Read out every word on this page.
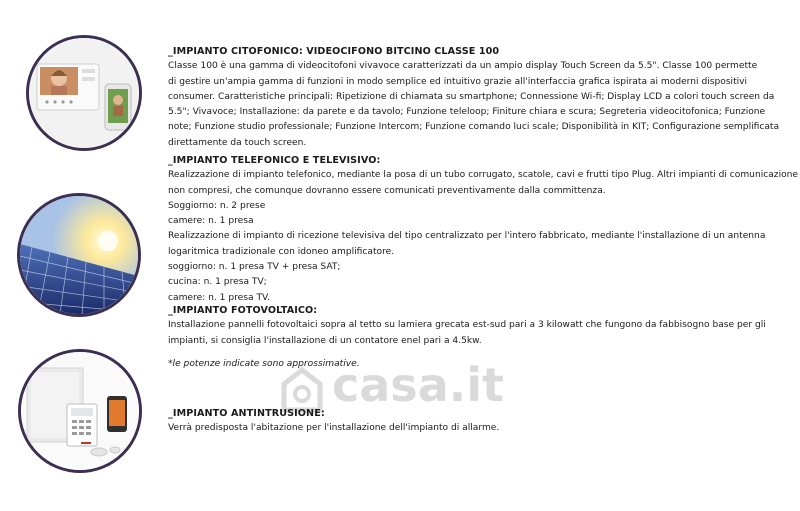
_IMPIANTO CITOFONICO: VIDEOCIFONO BITCINO CLASSE 100
Classe 100 è una gamma di videocitofoni vivavoce caratterizzati da un ampio display Touch Screen da 5.5". Classe 100 permette
di gestire un'ampia gamma di funzioni in modo semplice ed intuitivo grazie all'interfaccia grafica ispirata ai moderni dispositivi
consumer. Caratteristiche principali: Ripetizione di chiamata su smartphone; Connessione Wi-fi; Display LCD a colori touch screen da
5.5"; Vivavoce; Installazione: da parete e da tavolo; Funzione teleloop; Finiture chiara e scura; Segreteria videocitofonica; Funzione
note; Funzione studio professionale; Funzione Intercom; Funzione comando luci scale; Disponibilità in KIT; Configurazione semplificata
direttamente da touch screen.
_IMPIANTO TELEFONICO E TELEVISIVO:
Realizzazione di impianto telefonico, mediante la posa di un tubo corrugato, scatole, cavi e frutti tipo Plug. Altri impianti di comunicazione
non compresi, che comunque dovranno essere comunicati preventivamente dalla committenza.
Soggiorno: n. 2 prese
camere: n. 1 presa
Realizzazione di impianto di ricezione televisiva del tipo centralizzato per l'intero fabbricato, mediante l'installazione di un antenna
logaritmica tradizionale con idoneo amplificatore.
soggiorno: n. 1 presa TV + presa SAT;
cucina: n. 1 presa TV;
camere: n. 1 presa TV.
_IMPIANTO FOTOVOLTAICO:
Installazione pannelli fotovoltaici sopra al tetto su lamiera grecata est-sud pari a 3 kilowatt che fungono da fabbisogno base per gli
impianti, si consiglia l'installazione di un contatore enel pari a 4.5kw.
*le potenze indicate sono approssimative.
casa.it
_IMPIANTO ANTINTRUSIONE:
Verrà predisposta l'abitazione per l'installazione dell'impianto di allarme.
